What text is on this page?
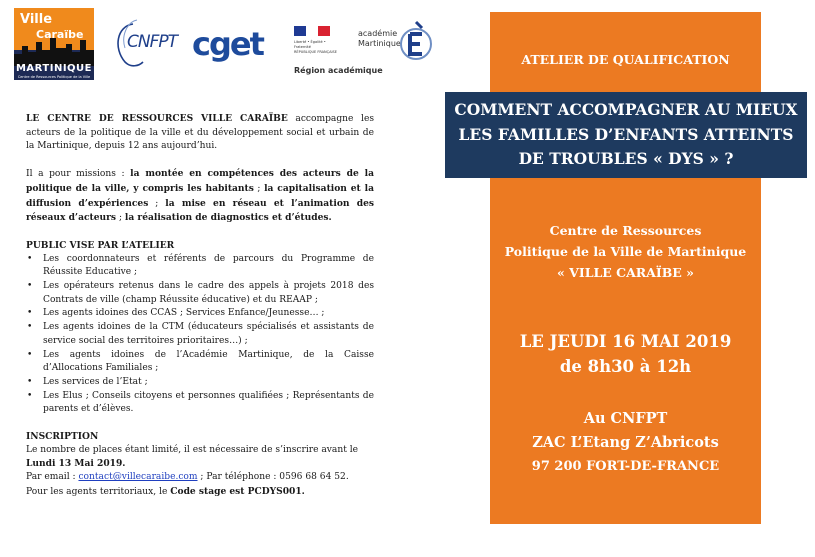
Ville
Caraïbe
MARTINIQUE
Centre de Ressources Politique de la Ville
CNFPT cget	Liberté • Égalité • Fraternité
RÉPUBLIQUE FRANÇAISE
Région académique
académie
Martinique

LE CENTRE DE RESSOURCES VILLE CARAÏBE accompagne les acteurs de la politique de la ville et du développement social et urbain de la Martinique, depuis 12 ans aujourd’hui.

Il a pour missions : la montée en compétences des acteurs de la politique de la ville, y compris les habitants ; la capitalisation et la diffusion d’expériences ; la mise en réseau et l’animation des réseaux d’acteurs ; la réalisation de diagnostics et d’études.

PUBLIC VISE PAR L’ATELIER
• Les coordonnateurs et référents de parcours du Programme de Réussite Educative ;
• Les opérateurs retenus dans le cadre des appels à projets 2018 des Contrats de ville (champ Réussite éducative) et du REAAP ;
• Les agents idoines des CCAS ; Services Enfance/Jeunesse… ;
• Les agents idoines de la CTM (éducateurs spécialisés et assistants de service social des territoires prioritaires…) ;
• Les agents idoines de l’Académie Martinique, de la Caisse d’Allocations Familiales ;
• Les services de l’Etat ;
• Les Elus ; Conseils citoyens et personnes qualifiées ; Représentants de parents et d’élèves.
INSCRIPTION
Le nombre de places étant limité, il est nécessaire de s’inscrire avant le
Lundi 13 Mai 2019.
Par email : contact@villecaraibe.com ; Par téléphone : 0596 68 64 52.
Pour les agents territoriaux, le Code stage est PCDYS001.
ATELIER DE QUALIFICATION
Centre de Ressources
Politique de la Ville de Martinique
« VILLE CARAÏBE »
LE JEUDI 16 MAI 2019
de 8h30 à 12h
Au CNFPT
ZAC L’Etang Z’Abricots
97 200 FORT-DE-FRANCE
COMMENT ACCOMPAGNER AU MIEUX
LES FAMILLES D’ENFANTS ATTEINTS
DE TROUBLES « DYS » ?
